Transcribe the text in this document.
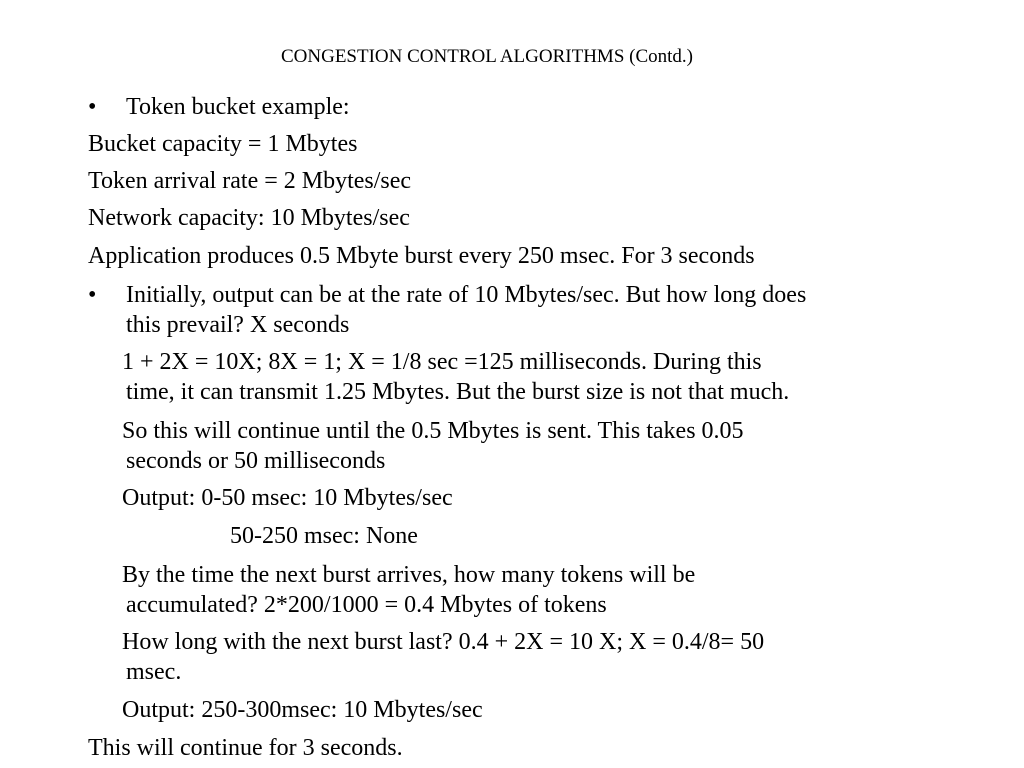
CONGESTION CONTROL ALGORITHMS (Contd.)
• Token bucket example:
Bucket capacity = 1 Mbytes
Token arrival rate = 2 Mbytes/sec
Network capacity: 10 Mbytes/sec
Application produces 0.5 Mbyte burst every 250 msec. For 3 seconds
• Initially, output can be at the rate of 10 Mbytes/sec. But how long does
this prevail? X seconds
1 + 2X = 10X; 8X = 1; X = 1/8 sec =125 milliseconds. During this
time, it can transmit 1.25 Mbytes. But the burst size is not that much.
So this will continue until the 0.5 Mbytes is sent. This takes 0.05
seconds or 50 milliseconds
Output: 0-50 msec: 10 Mbytes/sec
50-250 msec: None
By the time the next burst arrives, how many tokens will be
accumulated? 2*200/1000 = 0.4 Mbytes of tokens
How long with the next burst last? 0.4 + 2X = 10 X; X = 0.4/8= 50
msec.
Output: 250-300msec: 10 Mbytes/sec
This will continue for 3 seconds.
